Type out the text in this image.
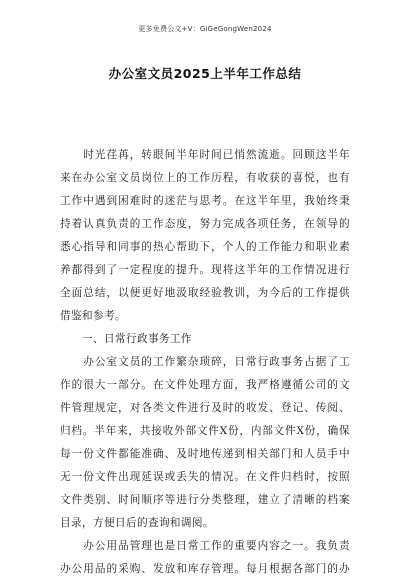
更多免费公文+V：GiGeGongWen2024
办公室文员2025上半年工作总结
　　时光荏苒，转眼间半年时间已悄然流逝。回顾这半年
来在办公室文员岗位上的工作历程，有收获的喜悦，也有
工作中遇到困难时的迷茫与思考。在这半年里，我始终秉
持着认真负责的工作态度，努力完成各项任务，在领导的
悉心指导和同事的热心帮助下，个人的工作能力和职业素
养都得到了一定程度的提升。现将这半年的工作情况进行
全面总结，以便更好地汲取经验教训，为今后的工作提供
借鉴和参考。
　　一、日常行政事务工作
　　办公室文员的工作繁杂琐碎，日常行政事务占据了工
作的很大一部分。在文件处理方面，我严格遵循公司的文
件管理规定，对各类文件进行及时的收发、登记、传阅、
归档。半年来，共接收外部文件X份，内部文件X份，确保
每一份文件都能准确、及时地传递到相关部门和人员手中
无一份文件出现延误或丢失的情况。在文件归档时，按照
文件类别、时间顺序等进行分类整理，建立了清晰的档案
目录，方便日后的查询和调阅。
　　办公用品管理也是日常工作的重要内容之一。我负责
办公用品的采购、发放和库存管理。每月根据各部门的办
